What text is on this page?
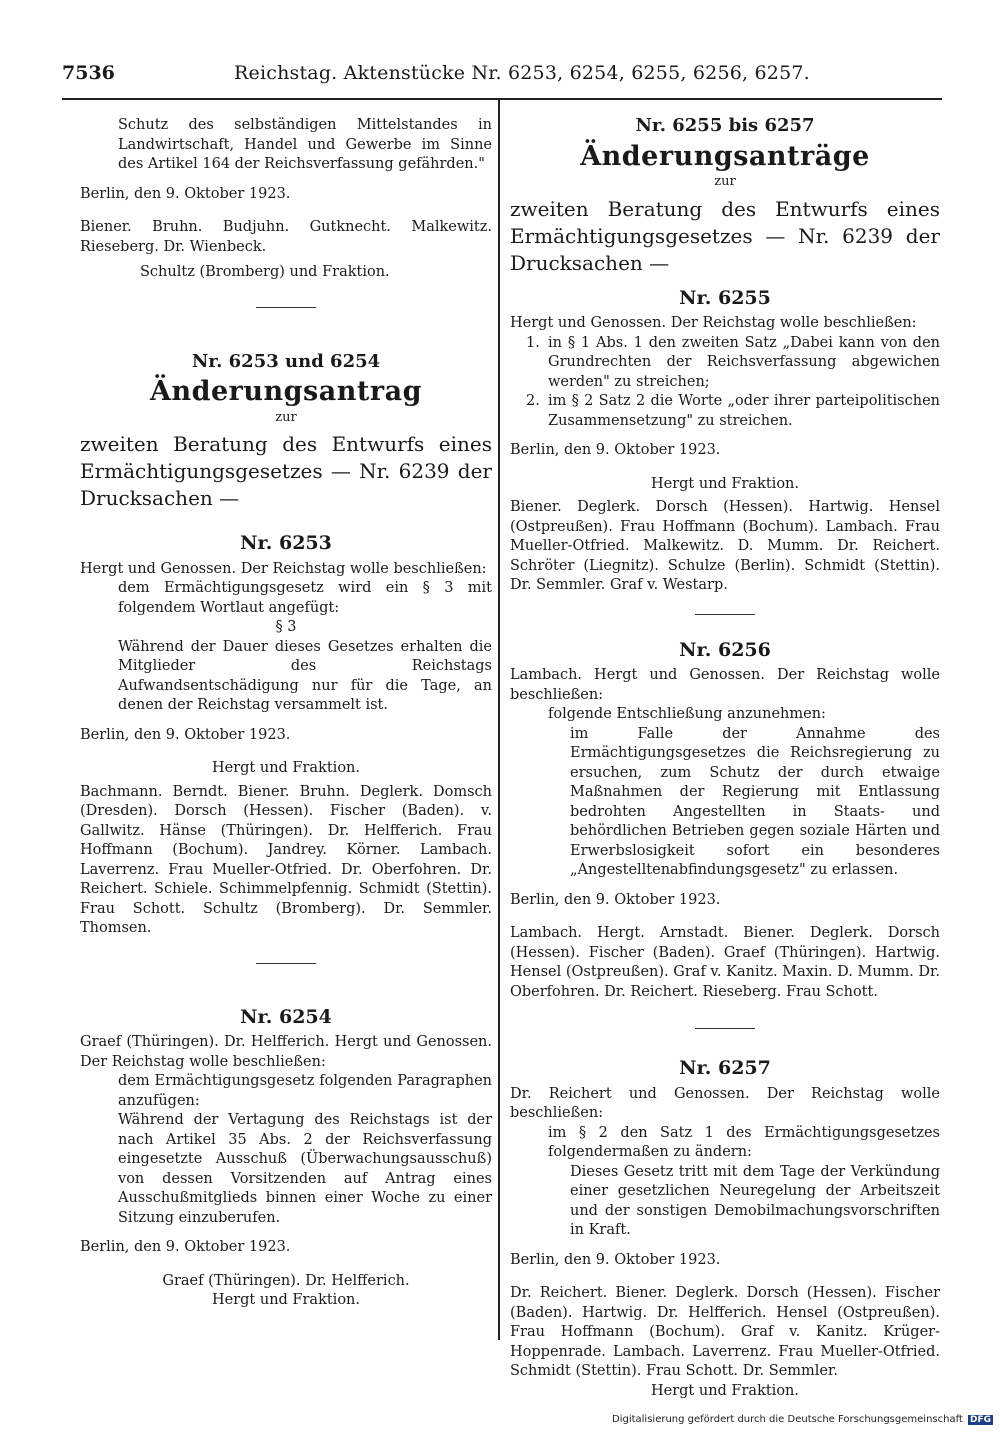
7536	Reichstag. Aktenstücke Nr. 6253, 6254, 6255, 6256, 6257.

Schutz des selbständigen Mittelstandes in Landwirtschaft, Handel und Gewerbe im Sinne des Artikel 164 der Reichsverfassung gefährden."

Berlin, den 9. Oktober 1923.

Biener. Bruhn. Budjuhn. Gutknecht. Malkewitz. Rieseberg. Dr. Wienbeck.

Schultz (Bromberg) und Fraktion.

Nr. 6253 und 6254
Änderungsantrag
zur

zweiten Beratung des Entwurfs eines Ermächtigungsgesetzes — Nr. 6239 der Drucksachen —

Nr. 6253

Hergt und Genossen. Der Reichstag wolle beschließen:

dem Ermächtigungsgesetz wird ein § 3 mit folgendem Wortlaut angefügt:

§ 3

Während der Dauer dieses Gesetzes erhalten die Mitglieder des Reichstags Aufwandsentschädigung nur für die Tage, an denen der Reichstag versammelt ist.

Berlin, den 9. Oktober 1923.

Hergt und Fraktion.

Bachmann. Berndt. Biener. Bruhn. Deglerk. Domsch (Dresden). Dorsch (Hessen). Fischer (Baden). v. Gallwitz. Hänse (Thüringen). Dr. Helfferich. Frau Hoffmann (Bochum). Jandrey. Körner. Lambach. Laverrenz. Frau Mueller-Otfried. Dr. Oberfohren. Dr. Reichert. Schiele. Schimmelpfennig. Schmidt (Stettin). Frau Schott. Schultz (Bromberg). Dr. Semmler. Thomsen.

Nr. 6254

Graef (Thüringen). Dr. Helfferich. Hergt und Genossen. Der Reichstag wolle beschließen:

dem Ermächtigungsgesetz folgenden Paragraphen anzufügen:

Während der Vertagung des Reichstags ist der nach Artikel 35 Abs. 2 der Reichsverfassung eingesetzte Ausschuß (Überwachungsausschuß) von dessen Vorsitzenden auf Antrag eines Ausschußmitglieds binnen einer Woche zu einer Sitzung einzuberufen.

Berlin, den 9. Oktober 1923.

Graef (Thüringen). Dr. Helfferich.

Hergt und Fraktion.

Nr. 6255 bis 6257
Änderungsanträge
zur

zweiten Beratung des Entwurfs eines Ermächtigungsgesetzes — Nr. 6239 der Drucksachen —

Nr. 6255

Hergt und Genossen. Der Reichstag wolle beschließen:

1. in § 1 Abs. 1 den zweiten Satz „Dabei kann von den Grundrechten der Reichsverfassung abgewichen werden" zu streichen;
2. im § 2 Satz 2 die Worte „oder ihrer parteipolitischen Zusammensetzung" zu streichen.

Berlin, den 9. Oktober 1923.

Hergt und Fraktion.

Biener. Deglerk. Dorsch (Hessen). Hartwig. Hensel (Ostpreußen). Frau Hoffmann (Bochum). Lambach. Frau Mueller-Otfried. Malkewitz. D. Mumm. Dr. Reichert. Schröter (Liegnitz). Schulze (Berlin). Schmidt (Stettin). Dr. Semmler. Graf v. Westarp.

Nr. 6256

Lambach. Hergt und Genossen. Der Reichstag wolle beschließen:

folgende Entschließung anzunehmen:

im Falle der Annahme des Ermächtigungsgesetzes die Reichsregierung zu ersuchen, zum Schutz der durch etwaige Maßnahmen der Regierung mit Entlassung bedrohten Angestellten in Staats- und behördlichen Betrieben gegen soziale Härten und Erwerbslosigkeit sofort ein besonderes „Angestelltenabfindungsgesetz" zu erlassen.

Berlin, den 9. Oktober 1923.

Lambach. Hergt. Arnstadt. Biener. Deglerk. Dorsch (Hessen). Fischer (Baden). Graef (Thüringen). Hartwig. Hensel (Ostpreußen). Graf v. Kanitz. Maxin. D. Mumm. Dr. Oberfohren. Dr. Reichert. Rieseberg. Frau Schott.

Nr. 6257

Dr. Reichert und Genossen. Der Reichstag wolle beschließen:

im § 2 den Satz 1 des Ermächtigungsgesetzes folgendermaßen zu ändern:

Dieses Gesetz tritt mit dem Tage der Verkündung einer gesetzlichen Neuregelung der Arbeitszeit und der sonstigen Demobilmachungsvorschriften in Kraft.

Berlin, den 9. Oktober 1923.

Dr. Reichert. Biener. Deglerk. Dorsch (Hessen). Fischer (Baden). Hartwig. Dr. Helfferich. Hensel (Ostpreußen). Frau Hoffmann (Bochum). Graf v. Kanitz. Krüger-Hoppenrade. Lambach. Laverrenz. Frau Mueller-Otfried. Schmidt (Stettin). Frau Schott. Dr. Semmler.

Hergt und Fraktion.

Digitalisierung gefördert durch die Deutsche Forschungsgemeinschaft DFG
